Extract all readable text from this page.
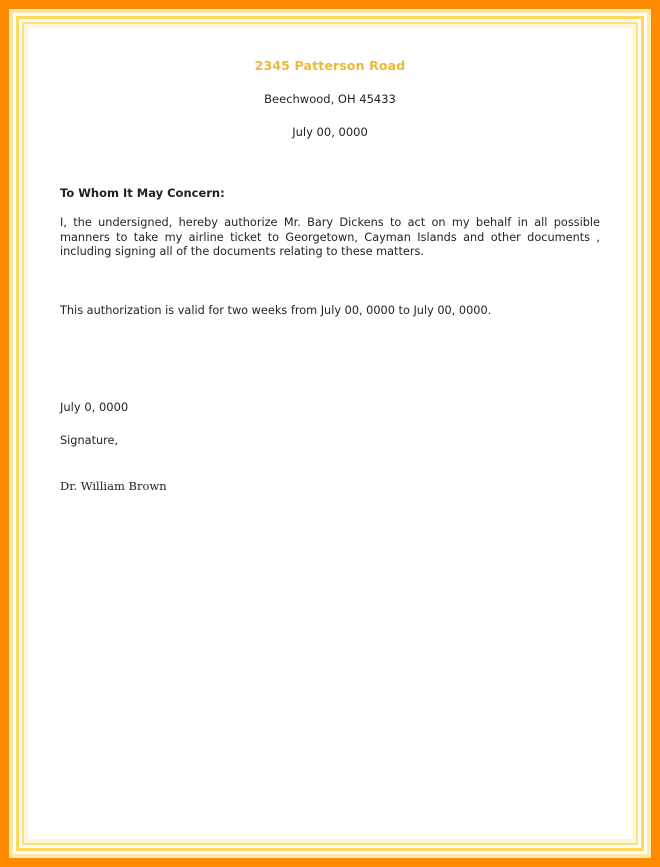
2345 Patterson Road
Beechwood, OH 45433
July 00, 0000
To Whom It May Concern:
I, the undersigned, hereby authorize Mr. Bary Dickens to act on my behalf in all possible manners to take my airline ticket to Georgetown, Cayman Islands and other documents , including signing all of the documents relating to these matters.
This authorization is valid for two weeks from July 00, 0000 to July 00, 0000.
July 0, 0000
Signature,
Dr. William Brown
